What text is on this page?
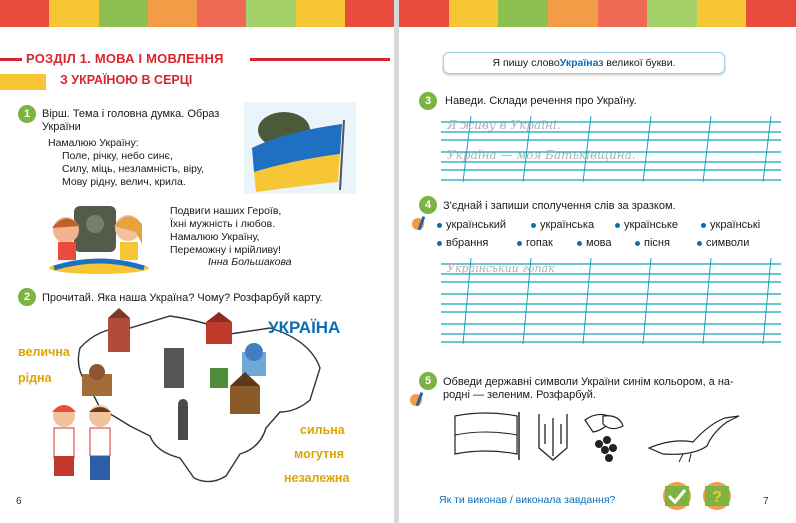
РОЗДІЛ 1. МОВА І МОВЛЕННЯ
З УКРАЇНОЮ В СЕРЦІ
1	Вірш. Тема і головна думка. Образ України
Намалюю Україну:
Поле, річку, небо синє,
Силу, міць, незламність, віру,
Мову рідну, велич, крила.
Подвиги наших Героїв,
Їхні мужність і любов.
Намалюю Україну,
Переможну і мрійливу!
Інна Большакова
2	Прочитай. Яка наша Україна? Чому? Розфарбуй карту.
УКРАЇНА
велична
рідна
сильна
могутня
незалежна
6
Я пишу слово Україна з великої букви.
3	Наведи. Склади речення про Україну.
Я живу в Україні.
Україна — моя Батьківщина.
4	З'єднай і запиши сполучення слів за зразком.
український	українська	українське	українські
вбрання	гопак	мова	пісня	символи
Український гопак
5	Обведи державні символи України синім кольором, а на-
родні — зеленим. Розфарбуй.
Як ти виконав / виконала завдання?	?	7
